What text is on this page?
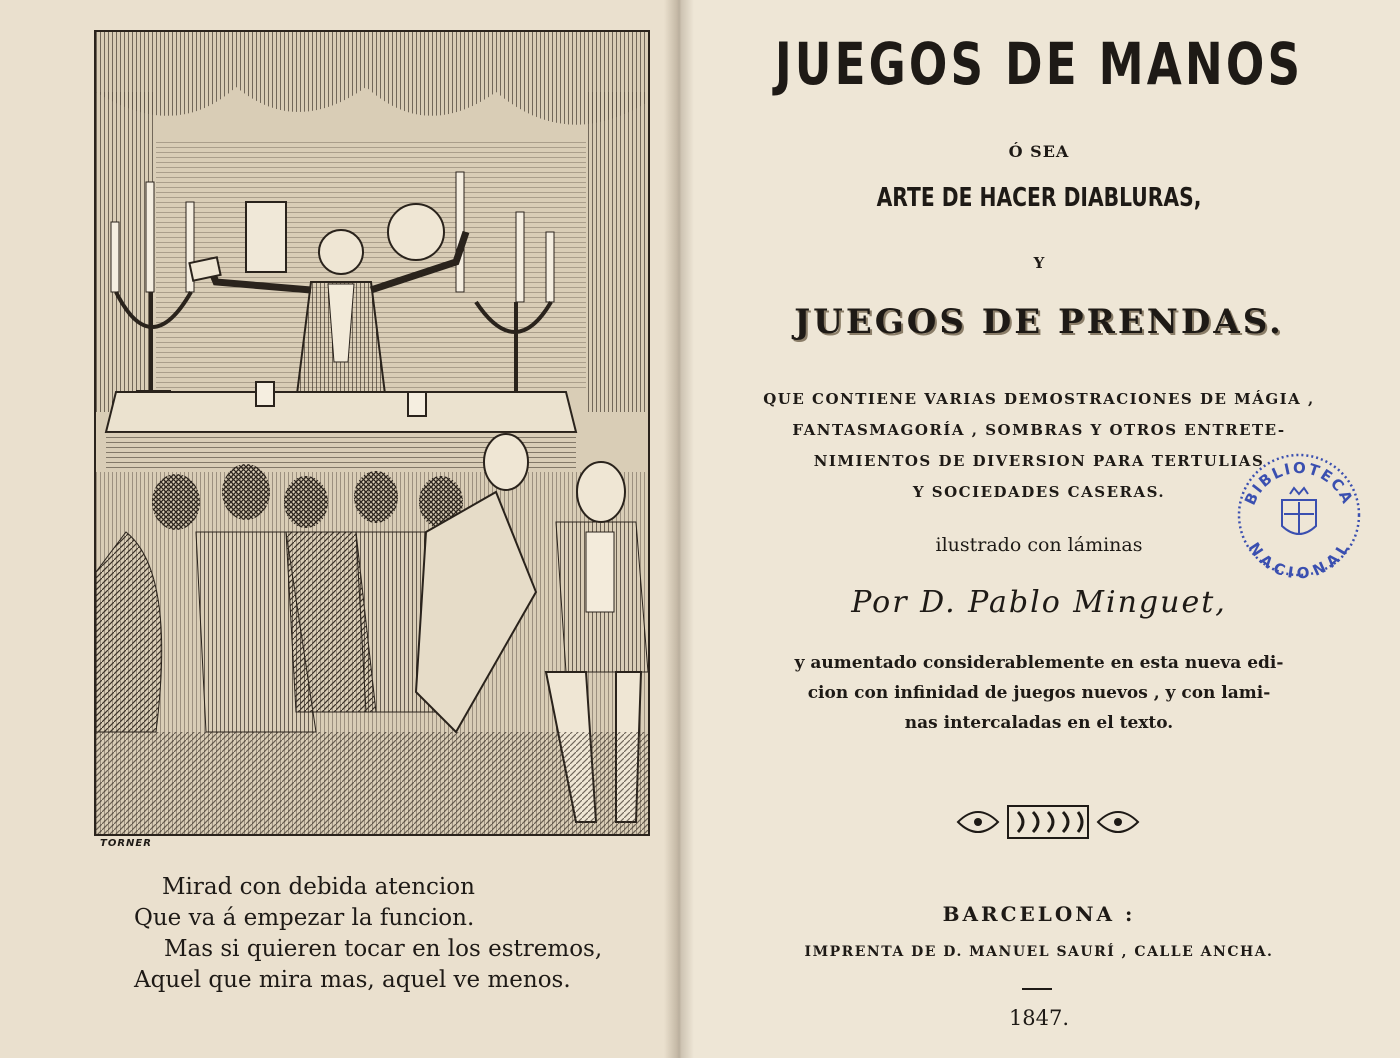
TORNER
Mirad con debida atencion
Que va á empezar la funcion.
Mas si quieren tocar en los estremos,
Aquel que mira mas, aquel ve menos.
JUEGOS DE MANOS
Ó SEA
ARTE DE HACER DIABLURAS,
Y
JUEGOS DE PRENDAS.
QUE CONTIENE VARIAS DEMOSTRACIONES DE MÁGIA ,
FANTASMAGORÍA , SOMBRAS Y OTROS ENTRETE-
NIMIENTOS DE DIVERSION PARA TERTULIAS
Y SOCIEDADES CASERAS.
ilustrado con láminas
Por D. Pablo Minguet,
y aumentado considerablemente en esta nueva edi-
cion con infinidad de juegos nuevos , y con lami-
nas intercaladas en el texto.
BARCELONA :
IMPRENTA DE D. MANUEL SAURÍ , CALLE ANCHA.
1847.
BIBLIOTECA
NACIONAL
